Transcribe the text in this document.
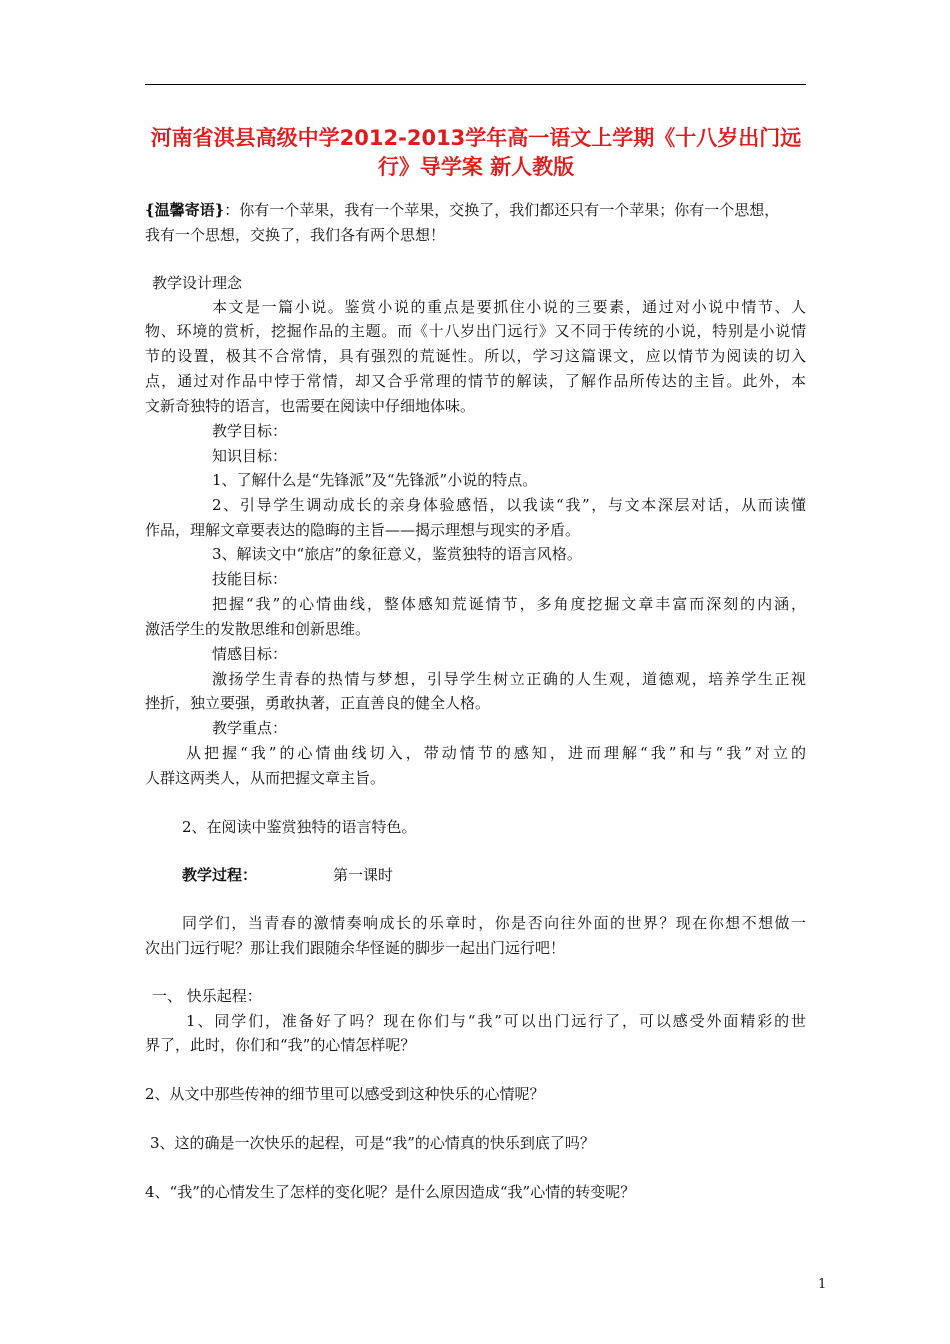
河南省淇县高级中学2012-2013学年高一语文上学期《十八岁出门远行》导学案 新人教版
{温馨寄语}：你有一个苹果，我有一个苹果，交换了，我们都还只有一个苹果；你有一个思想，
我有一个思想，交换了，我们各有两个思想！
教学设计理念
本文是一篇小说。鉴赏小说的重点是要抓住小说的三要素，通过对小说中情节、人
物、环境的赏析，挖掘作品的主题。而《十八岁出门远行》又不同于传统的小说，特别是小说情
节的设置，极其不合常情，具有强烈的荒诞性。所以，学习这篇课文，应以情节为阅读的切入
点，通过对作品中悖于常情，却又合乎常理的情节的解读，了解作品所传达的主旨。此外，本
文新奇独特的语言，也需要在阅读中仔细地体味。
教学目标：
知识目标：
1、了解什么是“先锋派”及“先锋派”小说的特点。
2、引导学生调动成长的亲身体验感悟，以我读“我”，与文本深层对话，从而读懂
作品，理解文章要表达的隐晦的主旨——揭示理想与现实的矛盾。
3、解读文中“旅店”的象征意义，鉴赏独特的语言风格。
技能目标：
把握“我”的心情曲线，整体感知荒诞情节，多角度挖掘文章丰富而深刻的内涵，
激活学生的发散思维和创新思维。
情感目标：
激扬学生青春的热情与梦想，引导学生树立正确的人生观，道德观，培养学生正视
挫折，独立要强，勇敢执著，正直善良的健全人格。
教学重点：
从把握“我”的心情曲线切入，带动情节的感知，进而理解“我”和与“我”对立的
人群这两类人，从而把握文章主旨。
2、在阅读中鉴赏独特的语言特色。
教学过程：	第一课时
同学们，当青春的激情奏响成长的乐章时，你是否向往外面的世界？现在你想不想做一
次出门远行呢？那让我们跟随余华怪诞的脚步一起出门远行吧！
一、 快乐起程：
1、同学们，准备好了吗？现在你们与“我”可以出门远行了，可以感受外面精彩的世
界了，此时，你们和“我”的心情怎样呢？
2、从文中那些传神的细节里可以感受到这种快乐的心情呢？
3、这的确是一次快乐的起程，可是“我”的心情真的快乐到底了吗？
4、“我”的心情发生了怎样的变化呢？是什么原因造成“我”心情的转变呢？
1
